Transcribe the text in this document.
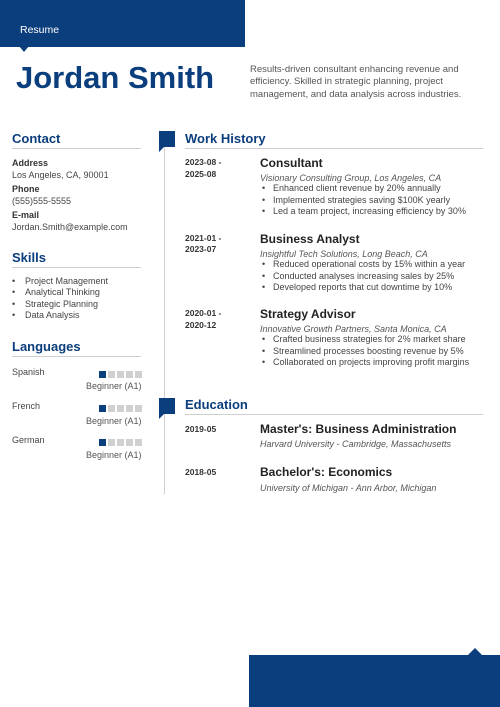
Resume
Jordan Smith	Results-driven consultant enhancing revenue and efficiency. Skilled in strategic planning, project management, and data analysis across industries.
Contact
Address
Los Angeles, CA, 90001
Phone
(555)555-5555
E-mail
Jordan.Smith@example.com
Skills
• Project Management
• Analytical Thinking
• Strategic Planning
• Data Analysis
Languages
Spanish
Beginner (A1)
French
Beginner (A1)
German
Beginner (A1)
Work History
2023-08 -
2025-08
Consultant
Visionary Consulting Group, Los Angeles, CA
• Enhanced client revenue by 20% annually
• Implemented strategies saving $100K yearly
• Led a team project, increasing efficiency by 30%
2021-01 -
2023-07
Business Analyst
Insightful Tech Solutions, Long Beach, CA
• Reduced operational costs by 15% within a year
• Conducted analyses increasing sales by 25%
• Developed reports that cut downtime by 10%
2020-01 -
2020-12
Strategy Advisor
Innovative Growth Partners, Santa Monica, CA
• Crafted business strategies for 2% market share
• Streamlined processes boosting revenue by 5%
• Collaborated on projects improving profit margins
Education
2019-05	Master's: Business Administration
Harvard University - Cambridge, Massachusetts
2018-05	Bachelor's: Economics
University of Michigan - Ann Arbor, Michigan
